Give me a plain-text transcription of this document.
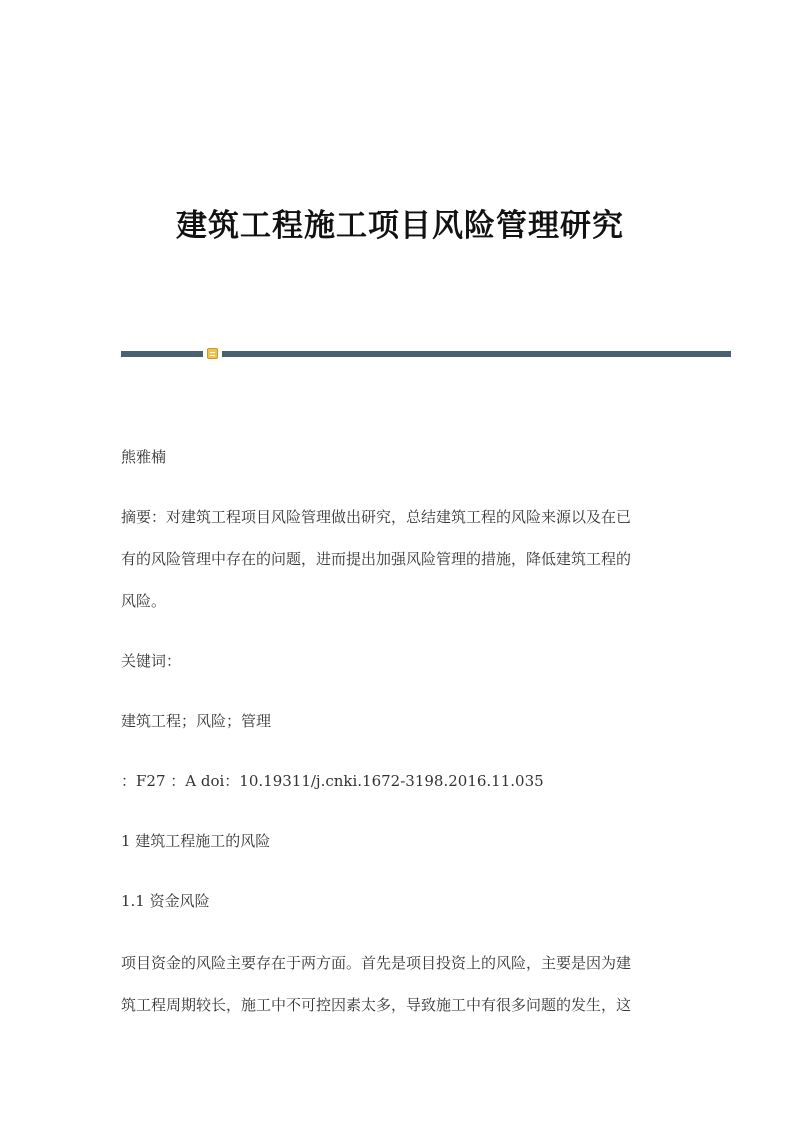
建筑工程施工项目风险管理研究
熊雅楠
摘要：对建筑工程项目风险管理做出研究，总结建筑工程的风险来源以及在已
有的风险管理中存在的问题，进而提出加强风险管理的措施，降低建筑工程的
风险。
关键词：
建筑工程；风险；管理
：F27 ：A doi：10.19311/j.cnki.1672-3198.2016.11.035
1 建筑工程施工的风险
1.1 资金风险
项目资金的风险主要存在于两方面。首先是项目投资上的风险，主要是因为建
筑工程周期较长，施工中不可控因素太多，导致施工中有很多问题的发生，这
